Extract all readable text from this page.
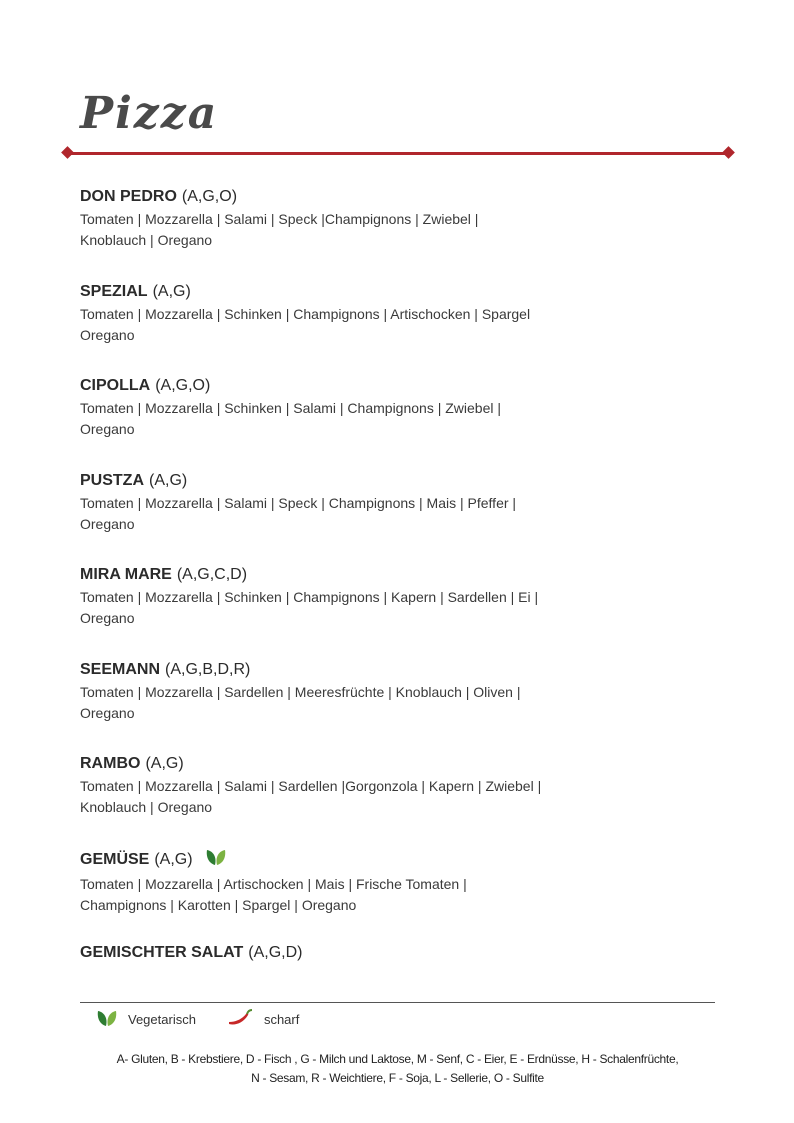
Pizza
DON PEDRO (A,G,O)
Tomaten | Mozzarella | Salami | Speck |Champignons | Zwiebel |
Knoblauch | Oregano
SPEZIAL (A,G)
Tomaten | Mozzarella | Schinken | Champignons | Artischocken | Spargel
Oregano
CIPOLLA (A,G,O)
Tomaten | Mozzarella | Schinken | Salami | Champignons | Zwiebel |
Oregano
PUSTZA (A,G)
Tomaten | Mozzarella | Salami | Speck | Champignons | Mais | Pfeffer |
Oregano
MIRA MARE (A,G,C,D)
Tomaten | Mozzarella | Schinken | Champignons | Kapern | Sardellen | Ei |
Oregano
SEEMANN (A,G,B,D,R)
Tomaten | Mozzarella | Sardellen | Meeresfrüchte | Knoblauch | Oliven |
Oregano
RAMBO (A,G)
Tomaten | Mozzarella | Salami | Sardellen |Gorgonzola | Kapern | Zwiebel |
Knoblauch | Oregano
GEMÜSE (A,G)
Tomaten | Mozzarella | Artischocken | Mais | Frische Tomaten |
Champignons | Karotten | Spargel | Oregano
GEMISCHTER SALAT (A,G,D)
Vegetarisch	scharf
A- Gluten, B - Krebstiere, D - Fisch , G - Milch und Laktose, M - Senf, C - Eier, E - Erdnüsse, H - Schalenfrüchte,
N - Sesam, R - Weichtiere, F - Soja, L - Sellerie, O - Sulfite
